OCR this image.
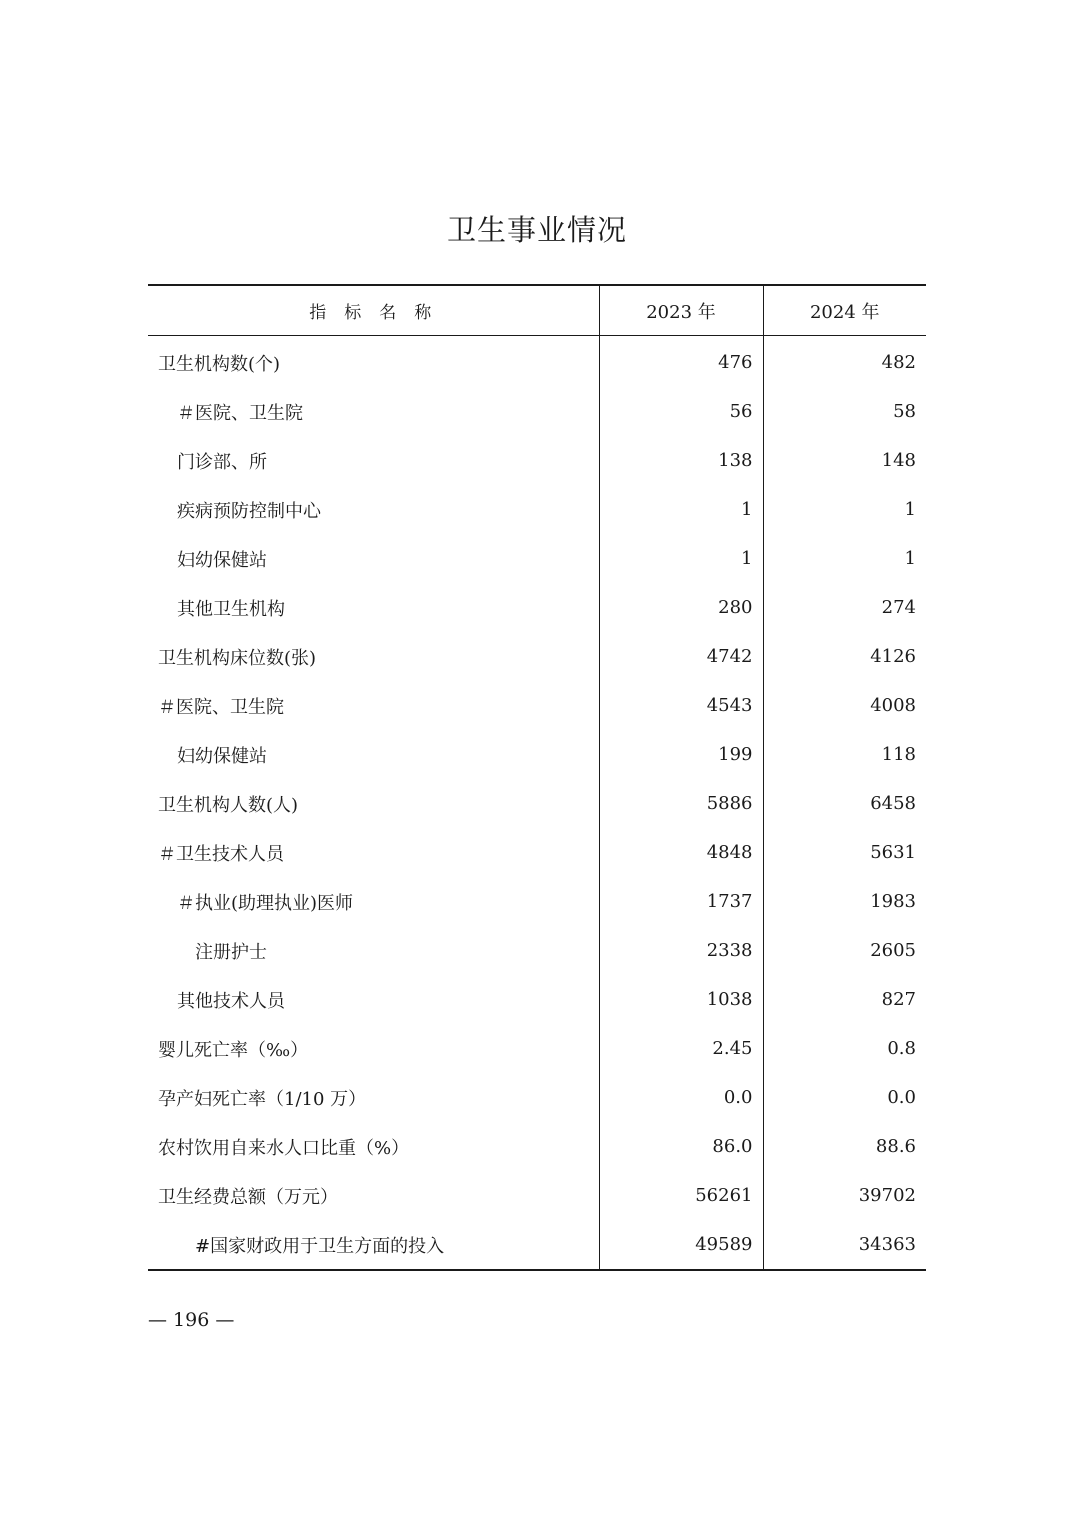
卫生事业情况
指标名称	2023 年	2024 年
卫生机构数(个)	476	482
＃医院、卫生院	56	58
门诊部、所	138	148
疾病预防控制中心	1	1
妇幼保健站	1	1
其他卫生机构	280	274
卫生机构床位数(张)	4742	4126
＃医院、卫生院	4543	4008
妇幼保健站	199	118
卫生机构人数(人)	5886	6458
＃卫生技术人员	4848	5631
＃执业(助理执业)医师	1737	1983
注册护士	2338	2605
其他技术人员	1038	827
婴儿死亡率（‰）	2.45	0.8
孕产妇死亡率（1/10 万）	0.0	0.0
农村饮用自来水人口比重（%）	86.0	88.6
卫生经费总额（万元）	56261	39702
#国家财政用于卫生方面的投入	49589	34363
— 196 —
